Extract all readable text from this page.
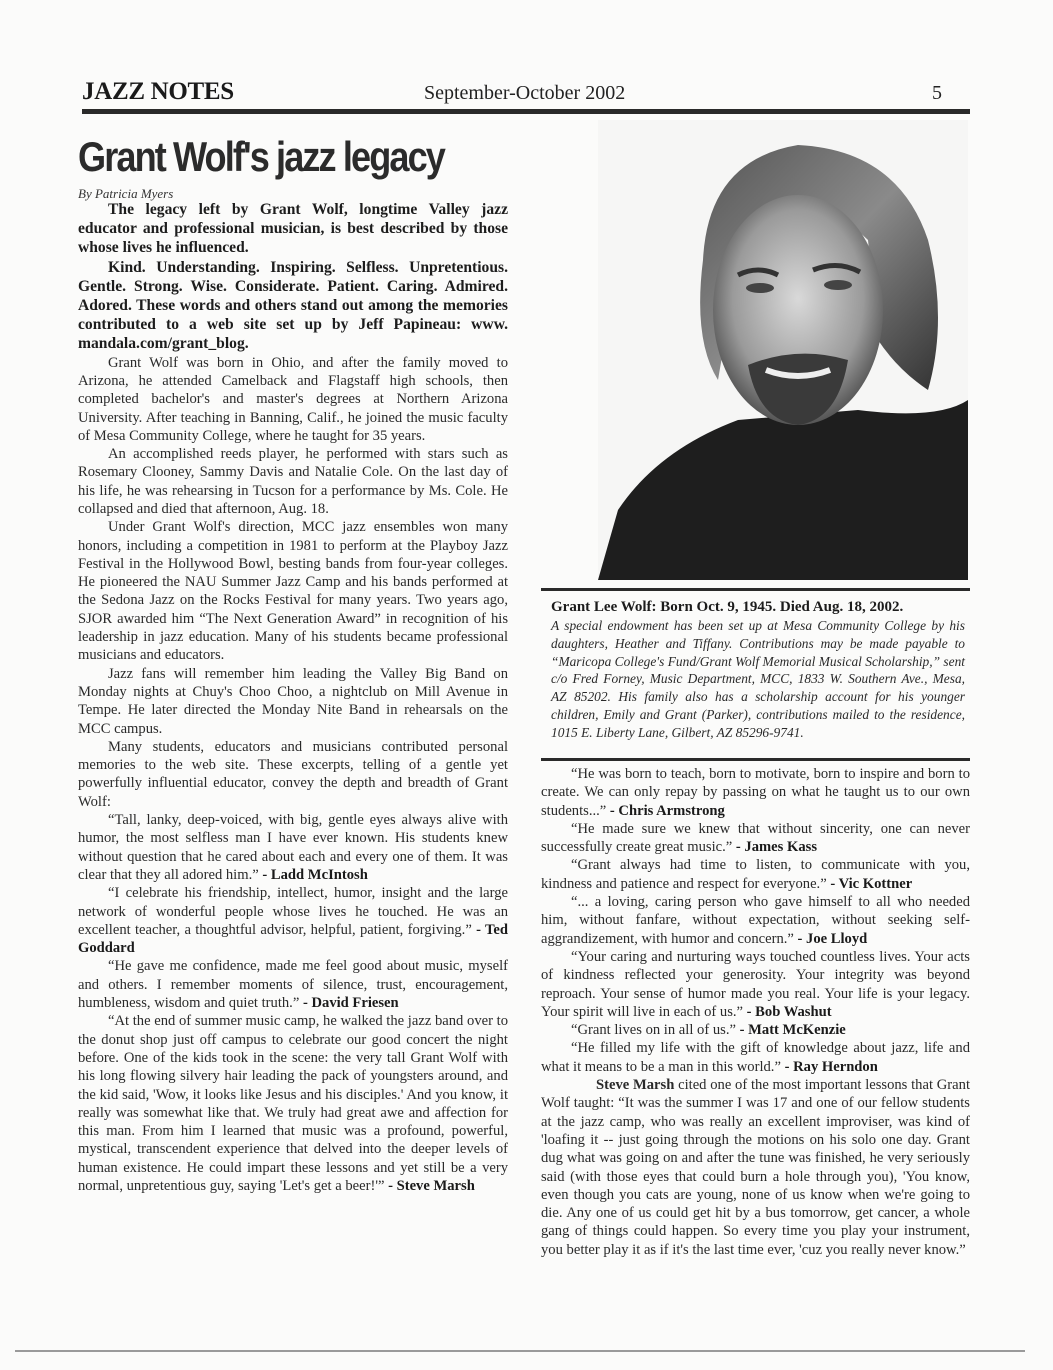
JAZZ NOTES	September-October 2002	5
Grant Wolf's jazz legacy
By Patricia Myers

The legacy left by Grant Wolf, longtime Valley jazz educator and professional musician, is best described by those whose lives he influenced.

Kind. Understanding. Inspiring. Selfless. Unpretentious. Gentle. Strong. Wise. Considerate. Patient. Caring. Admired. Adored. These words and others stand out among the memories contributed to a web site set up by Jeff Papineau: www. mandala.com/grant_blog.

Grant Wolf was born in Ohio, and after the family moved to Arizona, he attended Camelback and Flagstaff high schools, then completed bachelor's and master's degrees at Northern Arizona University. After teaching in Banning, Calif., he joined the music faculty of Mesa Community College, where he taught for 35 years.

An accomplished reeds player, he performed with stars such as Rosemary Clooney, Sammy Davis and Natalie Cole. On the last day of his life, he was rehearsing in Tucson for a performance by Ms. Cole. He collapsed and died that afternoon, Aug. 18.

Under Grant Wolf's direction, MCC jazz ensembles won many honors, including a competition in 1981 to perform at the Playboy Jazz Festival in the Hollywood Bowl, besting bands from four-year colleges. He pioneered the NAU Summer Jazz Camp and his bands performed at the Sedona Jazz on the Rocks Festival for many years. Two years ago, SJOR awarded him “The Next Generation Award” in recognition of his leadership in jazz education. Many of his students became professional musicians and educators.

Jazz fans will remember him leading the Valley Big Band on Monday nights at Chuy's Choo Choo, a nightclub on Mill Avenue in Tempe. He later directed the Monday Nite Band in rehearsals on the MCC campus.

Many students, educators and musicians contributed personal memories to the web site. These excerpts, telling of a gentle yet powerfully influential educator, convey the depth and breadth of Grant Wolf:

“Tall, lanky, deep-voiced, with big, gentle eyes always alive with humor, the most selfless man I have ever known. His students knew without question that he cared about each and every one of them. It was clear that they all adored him.” - Ladd McIntosh

“I celebrate his friendship, intellect, humor, insight and the large network of wonderful people whose lives he touched. He was an excellent teacher, a thoughtful advisor, helpful, patient, forgiving.” - Ted Goddard

“He gave me confidence, made me feel good about music, myself and others. I remember moments of silence, trust, encouragement, humbleness, wisdom and quiet truth.” - David Friesen

“At the end of summer music camp, he walked the jazz band over to the donut shop just off campus to celebrate our good concert the night before. One of the kids took in the scene: the very tall Grant Wolf with his long flowing silvery hair leading the pack of youngsters around, and the kid said, 'Wow, it looks like Jesus and his disciples.' And you know, it really was somewhat like that. We truly had great awe and affection for this man. From him I learned that music was a profound, powerful, mystical, transcendent experience that delved into the deeper levels of human existence. He could impart these lessons and yet still be a very normal, unpretentious guy, saying 'Let's get a beer!'” - Steve Marsh

Grant Lee Wolf: Born Oct. 9, 1945. Died Aug. 18, 2002.
A special endowment has been set up at Mesa Community College by his daughters, Heather and Tiffany. Contributions may be made payable to “Maricopa College's Fund/Grant Wolf Memorial Musical Scholarship,” sent c/o Fred Forney, Music Department, MCC, 1833 W. Southern Ave., Mesa, AZ 85202. His family also has a scholarship account for his younger children, Emily and Grant (Parker), contributions mailed to the residence, 1015 E. Liberty Lane, Gilbert, AZ 85296-9741.

“He was born to teach, born to motivate, born to inspire and born to create. We can only repay by passing on what he taught us to our own students...” - Chris Armstrong

“He made sure we knew that without sincerity, one can never successfully create great music.” - James Kass

“Grant always had time to listen, to communicate with you, kindness and patience and respect for everyone.” - Vic Kottner

“... a loving, caring person who gave himself to all who needed him, without fanfare, without expectation, without seeking self-aggrandizement, with humor and concern.” - Joe Lloyd

“Your caring and nurturing ways touched countless lives. Your acts of kindness reflected your generosity. Your integrity was beyond reproach. Your sense of humor made you real. Your life is your legacy. Your spirit will live in each of us.” - Bob Washut

“Grant lives on in all of us.” - Matt McKenzie

“He filled my life with the gift of knowledge about jazz, life and what it means to be a man in this world.” - Ray Herndon

Steve Marsh cited one of the most important lessons that Grant Wolf taught: “It was the summer I was 17 and one of our fellow students at the jazz camp, who was really an excellent improviser, was kind of 'loafing it -- just going through the motions on his solo one day. Grant dug what was going on and after the tune was finished, he very seriously said (with those eyes that could burn a hole through you), 'You know, even though you cats are young, none of us know when we're going to die. Any one of us could get hit by a bus tomorrow, get cancer, a whole gang of things could happen. So every time you play your instrument, you better play it as if it's the last time ever, 'cuz you really never know.”
